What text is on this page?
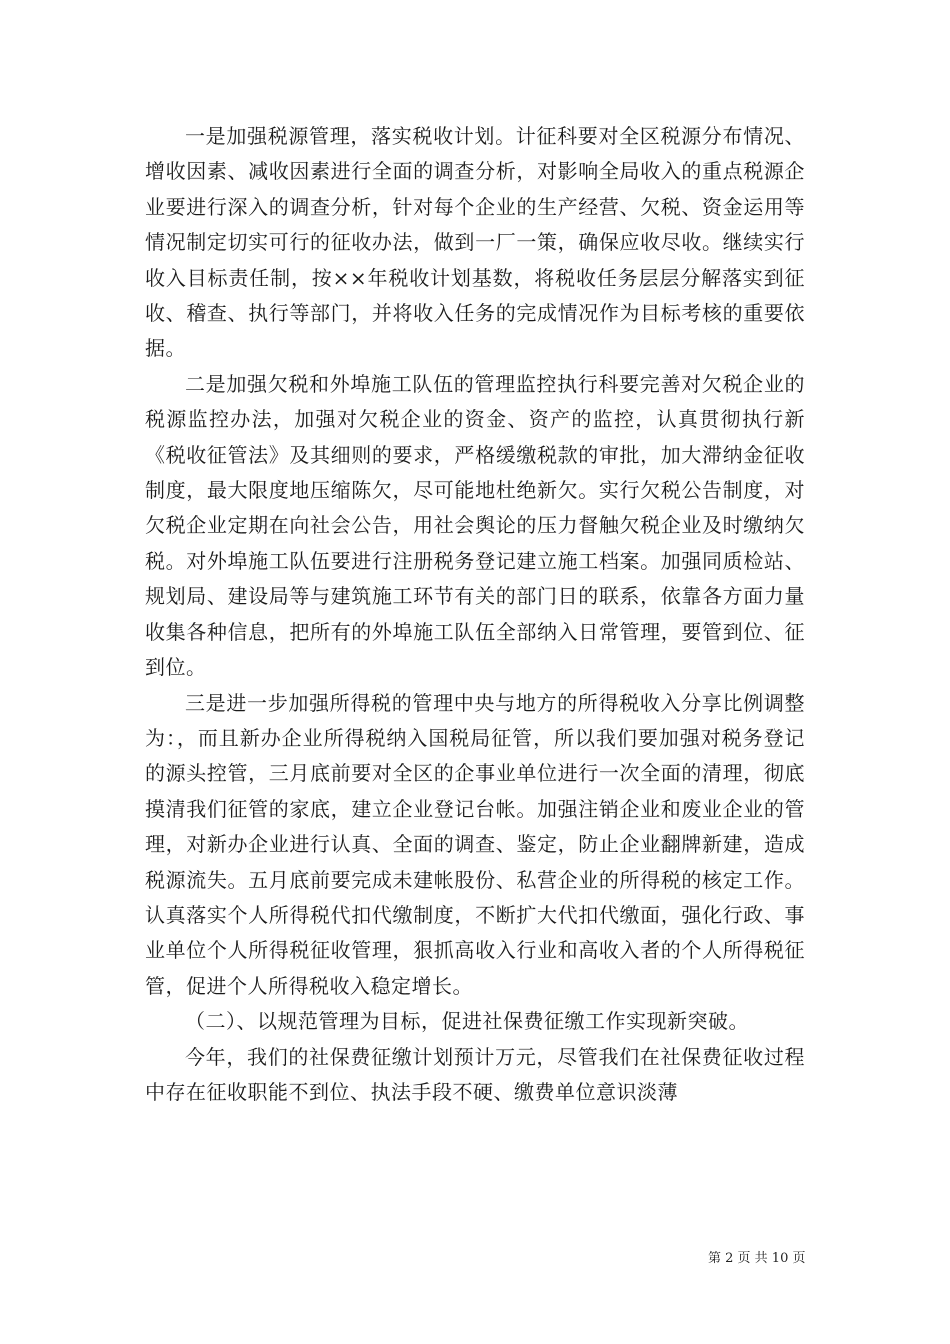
一是加强税源管理，落实税收计划。计征科要对全区税源分布情况、增收因素、减收因素进行全面的调查分析，对影响全局收入的重点税源企业要进行深入的调查分析，针对每个企业的生产经营、欠税、资金运用等情况制定切实可行的征收办法，做到一厂一策，确保应收尽收。继续实行收入目标责任制，按××年税收计划基数，将税收任务层层分解落实到征收、稽查、执行等部门，并将收入任务的完成情况作为目标考核的重要依据。

二是加强欠税和外埠施工队伍的管理监控执行科要完善对欠税企业的税源监控办法，加强对欠税企业的资金、资产的监控，认真贯彻执行新《税收征管法》及其细则的要求，严格缓缴税款的审批，加大滞纳金征收制度，最大限度地压缩陈欠，尽可能地杜绝新欠。实行欠税公告制度，对欠税企业定期在向社会公告，用社会舆论的压力督触欠税企业及时缴纳欠税。对外埠施工队伍要进行注册税务登记建立施工档案。加强同质检站、规划局、建设局等与建筑施工环节有关的部门日的联系，依靠各方面力量收集各种信息，把所有的外埠施工队伍全部纳入日常管理，要管到位、征到位。

三是进一步加强所得税的管理中央与地方的所得税收入分享比例调整为：，而且新办企业所得税纳入国税局征管，所以我们要加强对税务登记的源头控管，三月底前要对全区的企事业单位进行一次全面的清理，彻底摸清我们征管的家底，建立企业登记台帐。加强注销企业和废业企业的管理，对新办企业进行认真、全面的调查、鉴定，防止企业翻牌新建，造成税源流失。五月底前要完成未建帐股份、私营企业的所得税的核定工作。认真落实个人所得税代扣代缴制度，不断扩大代扣代缴面，强化行政、事业单位个人所得税征收管理，狠抓高收入行业和高收入者的个人所得税征管，促进个人所得税收入稳定增长。

（二）、以规范管理为目标，促进社保费征缴工作实现新突破。

今年，我们的社保费征缴计划预计万元，尽管我们在社保费征收过程中存在征收职能不到位、执法手段不硬、缴费单位意识淡薄

第 2 页 共 10 页
